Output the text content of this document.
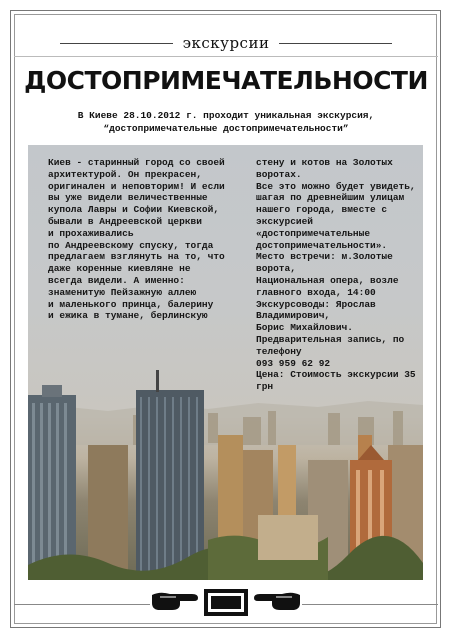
экскурсии
ДОСТОПРИМЕЧАТЕЛЬНОСТИ
В Киеве 28.10.2012 г. проходит уникальная экскурсия,
“достопримечательные достопримечательности”

Киев - старинный город со своей
архитектурой. Он прекрасен,
оригинален и неповторим! И если
вы уже видели величественные
купола Лавры и Софии Киевской,
бывали в Андреевской церкви
и прохаживались
по Андреевскому спуску, тогда
предлагаем взглянуть на то, что
даже коренные киевляне не
всегда видели. А именно:
знаменитую Пейзажную аллею
и маленького принца, балерину
и ежика в тумане, берлинскую

стену и котов на Золотых воротах.
Все это можно будет увидеть,
шагая по древнейшим улицам
нашего города, вместе с
экскурсией «достопримечательные
достопримечательности».

Место встречи: м.Золотые ворота,
Национальная опера, возле
главного входа, 14:00

Экскурсоводы: Ярослав Владимирович,
Борис Михайлович.

Предварительная запись, по телефону
093 959 62 92

Цена: Стоимость экскурсии 35 грн
